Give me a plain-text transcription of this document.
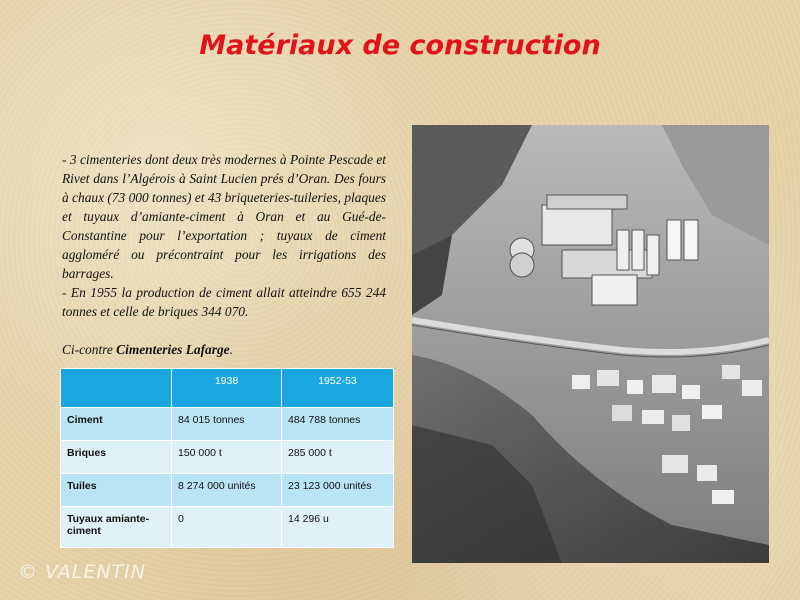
Matériaux de construction

- 3 cimenteries dont deux très modernes à Pointe Pescade et Rivet dans l’Algérois à Saint Lucien prés d’Oran. Des fours à chaux (73 000 tonnes) et 43 briqueteries-tuileries, plaques et tuyaux d’amiante-ciment à Oran et au Gué-de-Constantine pour l’exportation ; tuyaux de ciment aggloméré ou précontraint pour les irrigations des barrages.

- En 1955 la production de ciment allait atteindre 655 244 tonnes et celle de briques 344 070.

Ci-contre Cimenteries Lafarge.

	1938	1952-53
Ciment	84 015 tonnes	484 788 tonnes
Briques	150 000 t	285 000 t
Tuiles	8 274 000 unités	23 123 000 unités
Tuyaux amiante-ciment	0	14 296 u
© VALENTIN
